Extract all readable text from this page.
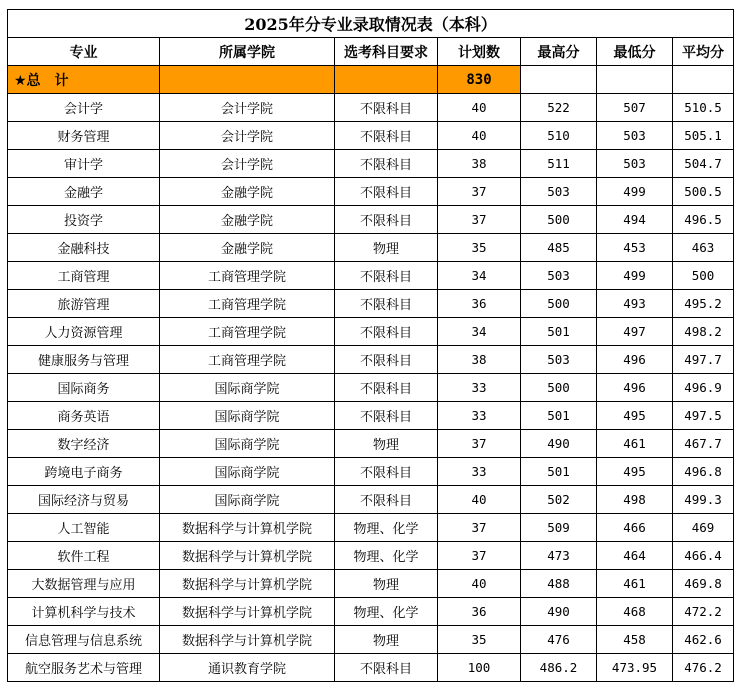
2025年分专业录取情况表（本科）						
专业	所属学院	选考科目要求	计划数	最高分	最低分	平均分
★总　计			830			
会计学	会计学院	不限科目	40	522	507	510.5
财务管理	会计学院	不限科目	40	510	503	505.1
审计学	会计学院	不限科目	38	511	503	504.7
金融学	金融学院	不限科目	37	503	499	500.5
投资学	金融学院	不限科目	37	500	494	496.5
金融科技	金融学院	物理	35	485	453	463
工商管理	工商管理学院	不限科目	34	503	499	500
旅游管理	工商管理学院	不限科目	36	500	493	495.2
人力资源管理	工商管理学院	不限科目	34	501	497	498.2
健康服务与管理	工商管理学院	不限科目	38	503	496	497.7
国际商务	国际商学院	不限科目	33	500	496	496.9
商务英语	国际商学院	不限科目	33	501	495	497.5
数字经济	国际商学院	物理	37	490	461	467.7
跨境电子商务	国际商学院	不限科目	33	501	495	496.8
国际经济与贸易	国际商学院	不限科目	40	502	498	499.3
人工智能	数据科学与计算机学院	物理、化学	37	509	466	469
软件工程	数据科学与计算机学院	物理、化学	37	473	464	466.4
大数据管理与应用	数据科学与计算机学院	物理	40	488	461	469.8
计算机科学与技术	数据科学与计算机学院	物理、化学	36	490	468	472.2
信息管理与信息系统	数据科学与计算机学院	物理	35	476	458	462.6
航空服务艺术与管理	通识教育学院	不限科目	100	486.2	473.95	476.2
